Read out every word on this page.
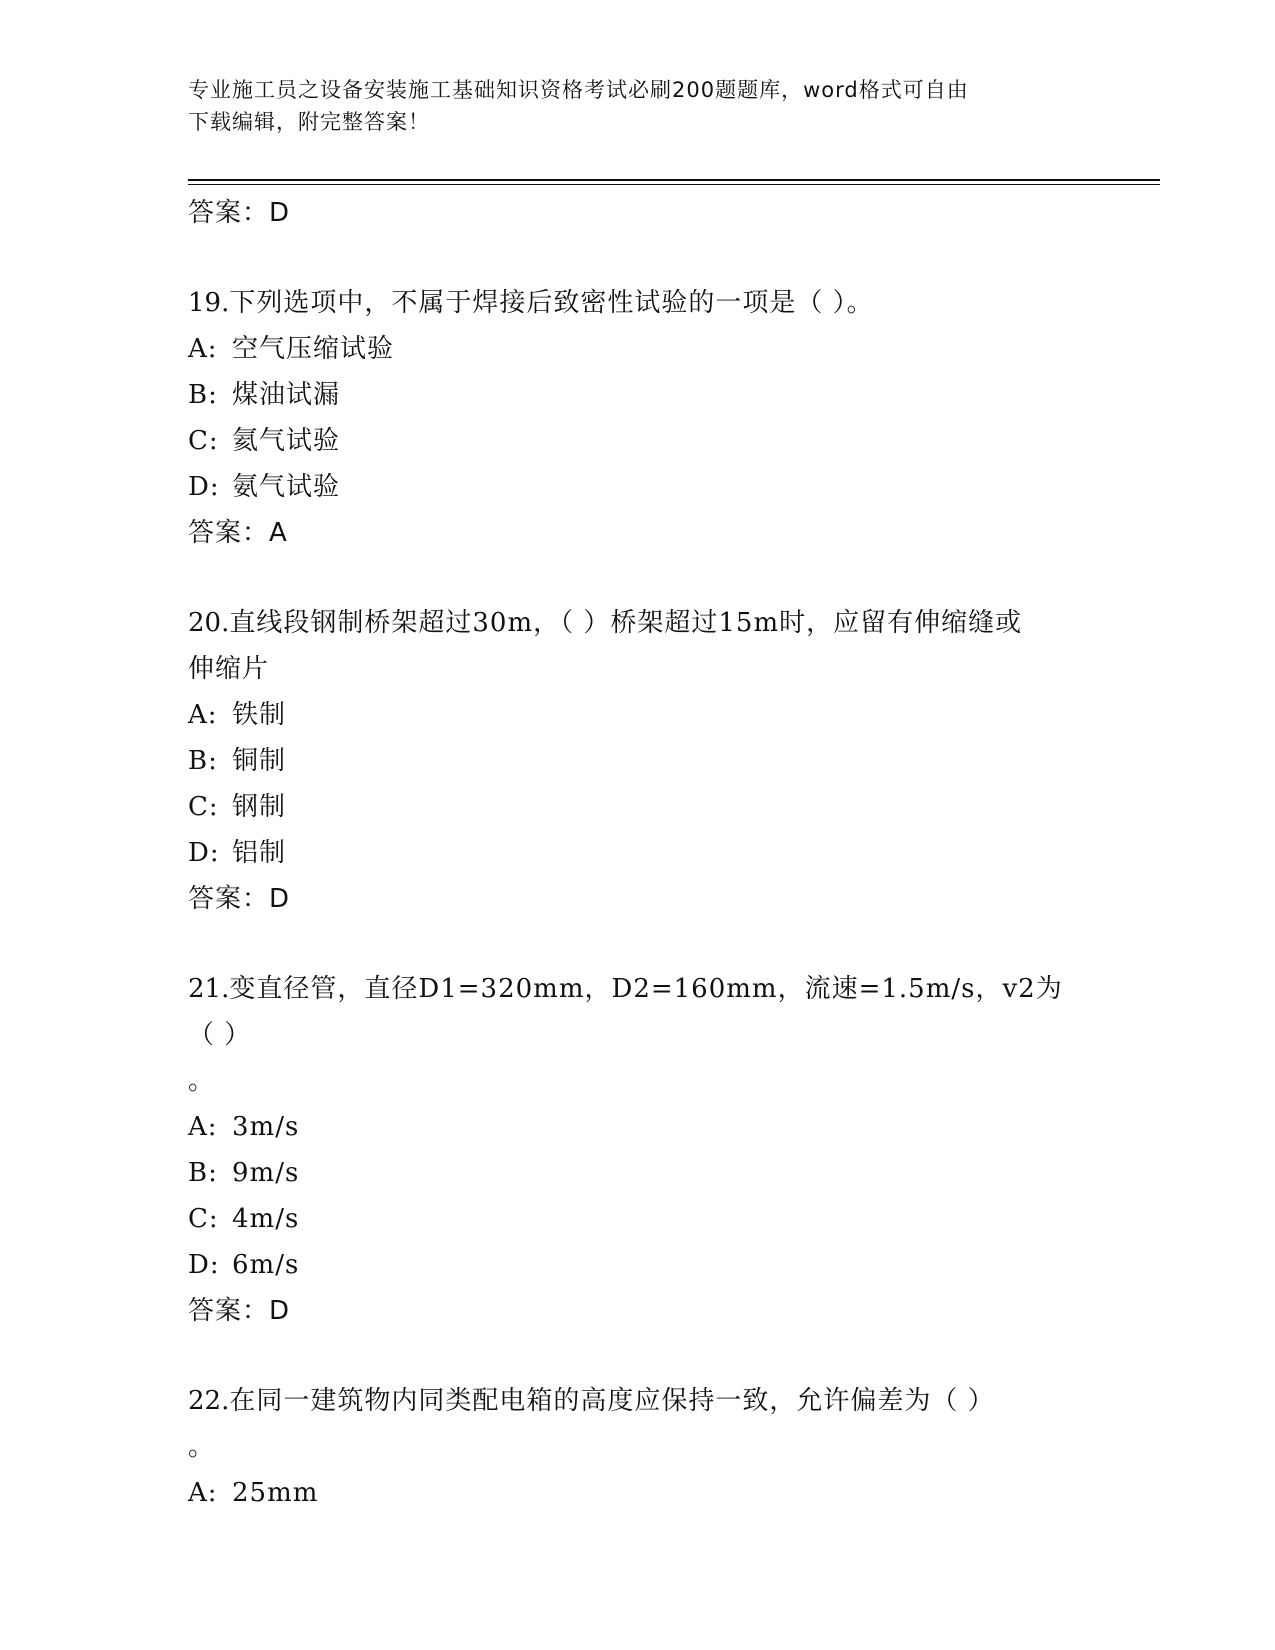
专业施工员之设备安装施工基础知识资格考试必刷200题题库，word格式可自由
下载编辑，附完整答案！
答案：D
19.下列选项中，不属于焊接后致密性试验的一项是（ ）。
A: 空气压缩试验
B: 煤油试漏
C: 氦气试验
D: 氨气试验
答案：A
20.直线段钢制桥架超过30m，（ ）桥架超过15m时，应留有伸缩缝或
伸缩片
A: 铁制
B: 铜制
C: 钢制
D: 铝制
答案：D
21.变直径管，直径D1=320mm，D2=160mm，流速=1.5m/s，v2为（ ）
。
A: 3m/s
B: 9m/s
C: 4m/s
D: 6m/s
答案：D
22.在同一建筑物内同类配电箱的高度应保持一致，允许偏差为（ ）
。
A: 25mm
